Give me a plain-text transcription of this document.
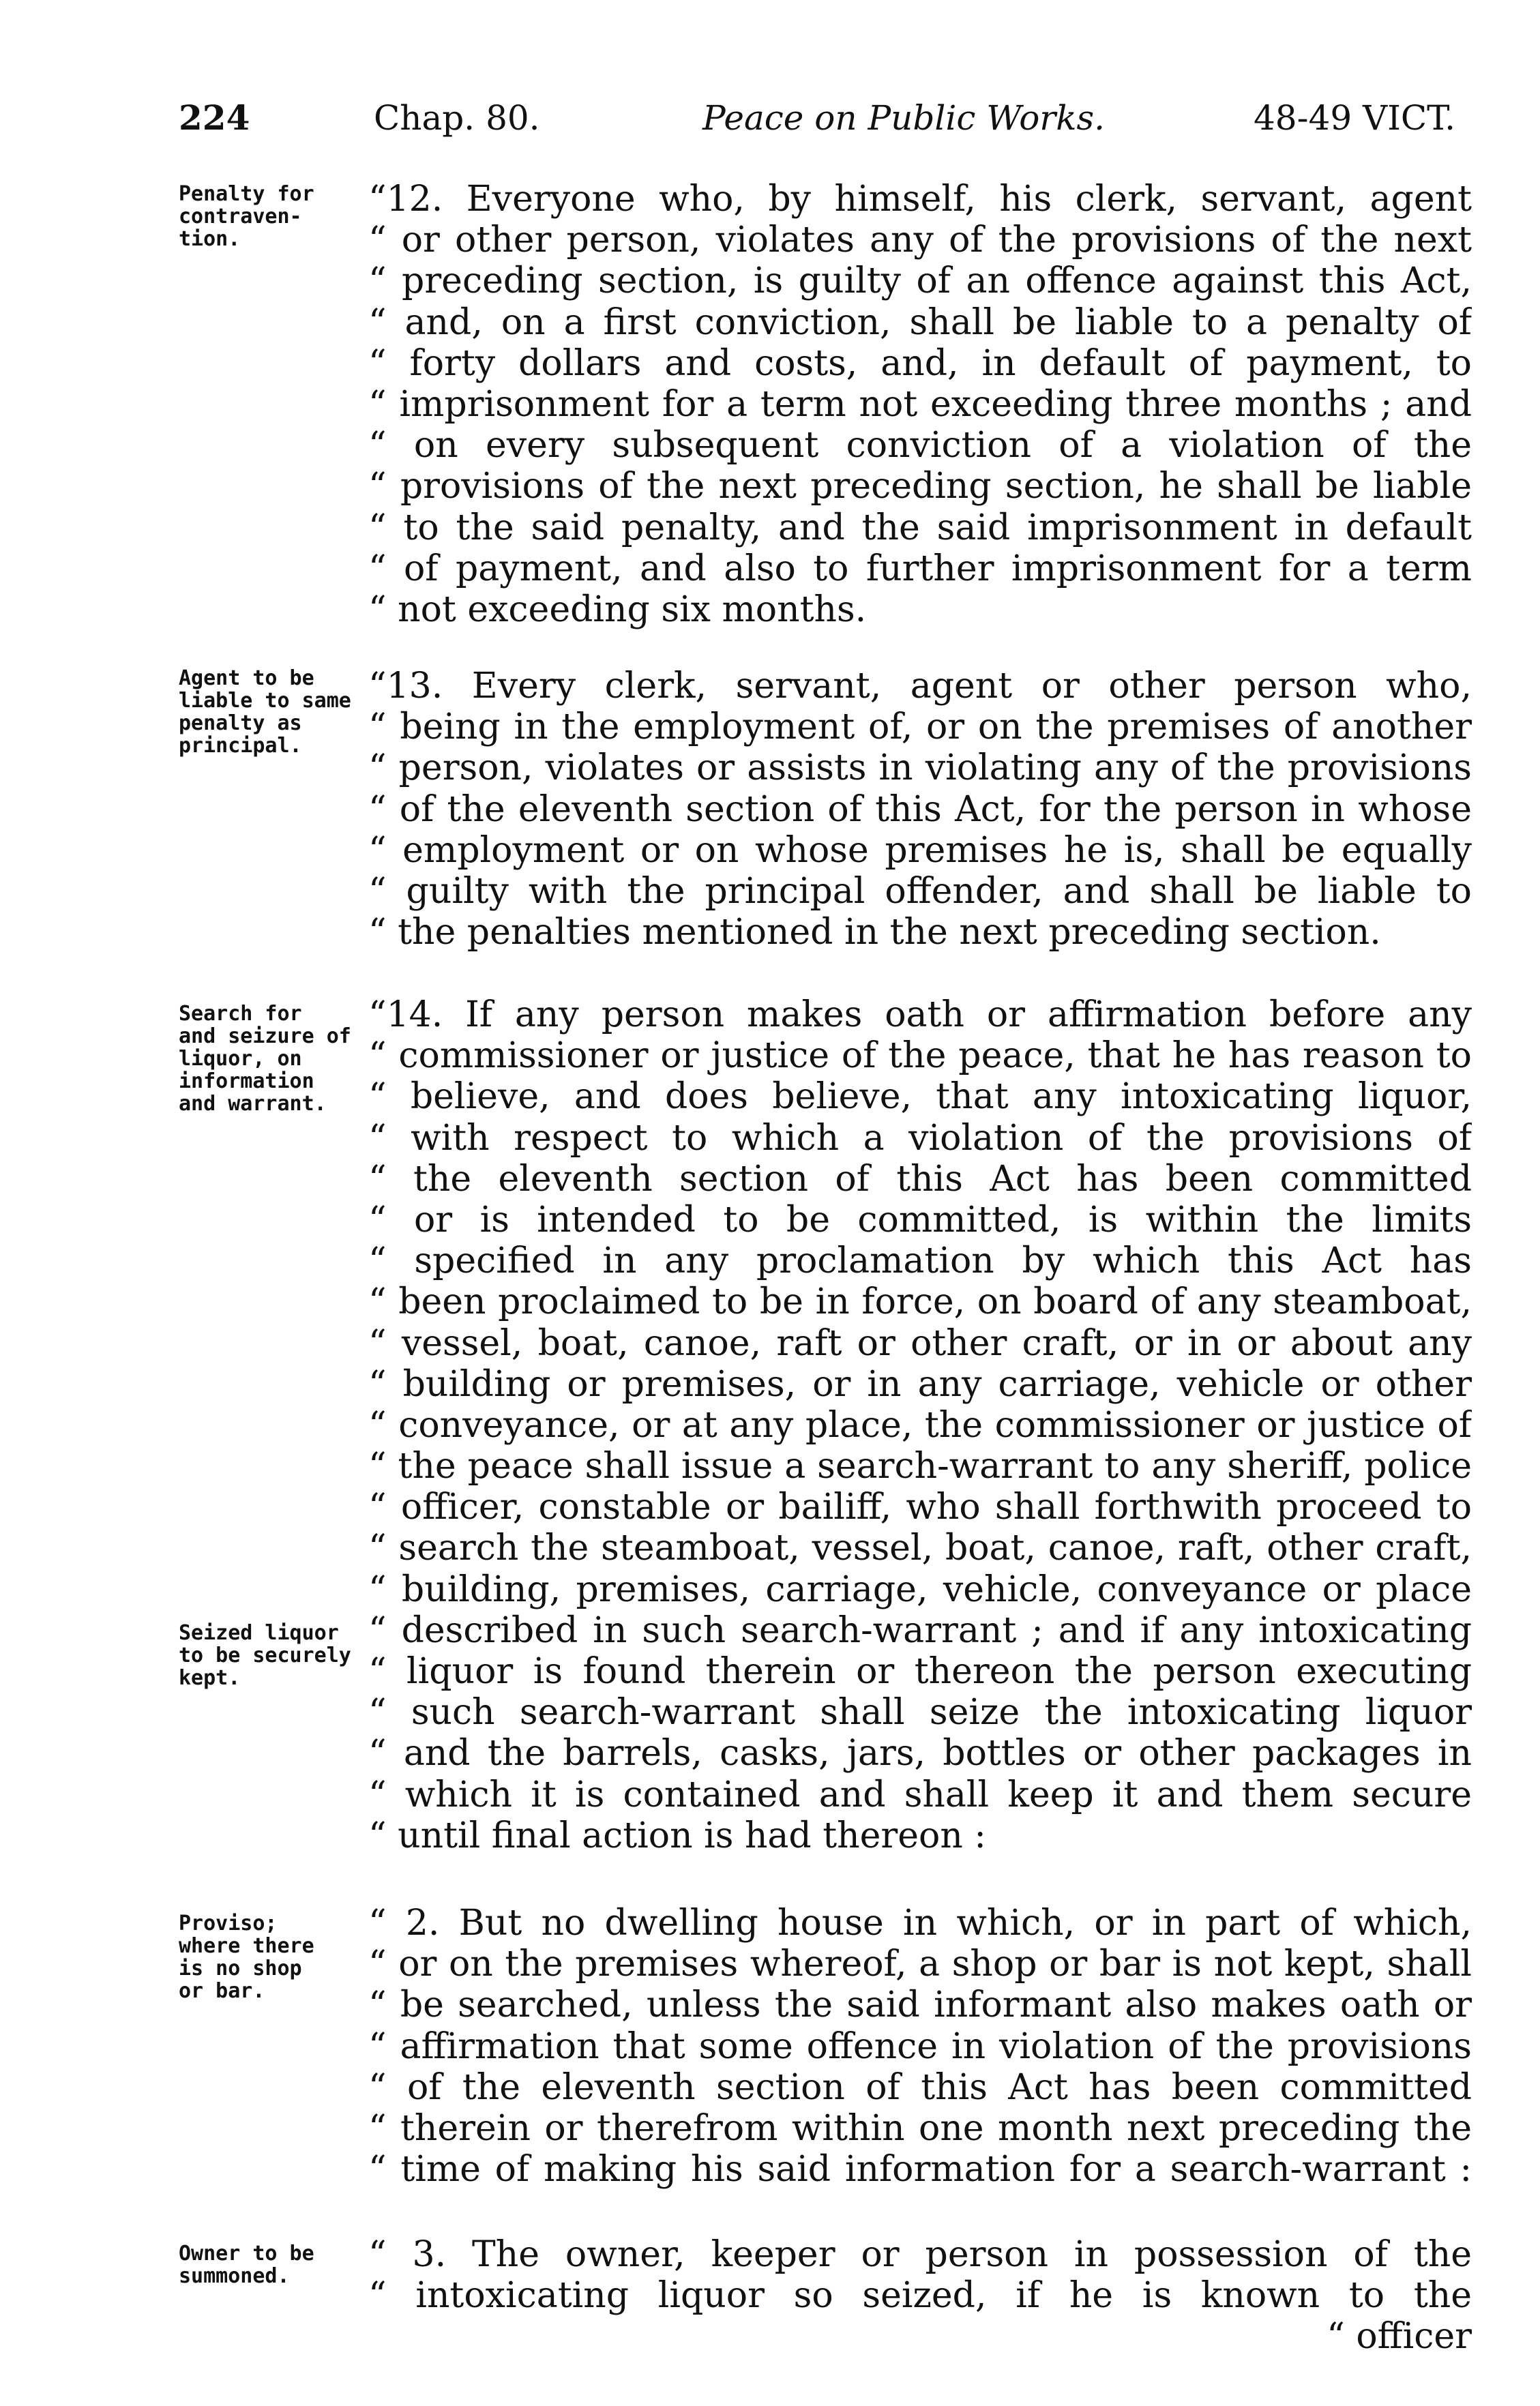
224	Chap. 80.	Peace on Public Works.	48-49 VICT.
Penalty for
contraven-
tion.
Agent to be
liable to same
penalty as
principal.
Search for
and seizure of
liquor, on
information
and warrant.
Seized liquor
to be securely
kept.
Proviso;
where there
is no shop
or bar.
Owner to be
summoned.
“12. Everyone who, by himself, his clerk, servant, agent
“ or other person, violates any of the provisions of the next
“ preceding section, is guilty of an offence against this Act,
“ and, on a first conviction, shall be liable to a penalty of
“ forty dollars and costs, and, in default of payment, to
“ imprisonment for a term not exceeding three months ; and
“ on every subsequent conviction of a violation of the
“ provisions of the next preceding section, he shall be liable
“ to the said penalty, and the said imprisonment in default
“ of payment, and also to further imprisonment for a term
“ not exceeding six months.
“13. Every clerk, servant, agent or other person who,
“ being in the employment of, or on the premises of another
“ person, violates or assists in violating any of the provisions
“ of the eleventh section of this Act, for the person in whose
“ employment or on whose premises he is, shall be equally
“ guilty with the principal offender, and shall be liable to
“ the penalties mentioned in the next preceding section.
“14. If any person makes oath or affirmation before any
“ commissioner or justice of the peace, that he has reason to
“ believe, and does believe, that any intoxicating liquor,
“ with respect to which a violation of the provisions of
“ the eleventh section of this Act has been committed
“ or is intended to be committed, is within the limits
“ specified in any proclamation by which this Act has
“ been proclaimed to be in force, on board of any steamboat,
“ vessel, boat, canoe, raft or other craft, or in or about any
“ building or premises, or in any carriage, vehicle or other
“ conveyance, or at any place, the commissioner or justice of
“ the peace shall issue a search-warrant to any sheriff, police
“ officer, constable or bailiff, who shall forthwith proceed to
“ search the steamboat, vessel, boat, canoe, raft, other craft,
“ building, premises, carriage, vehicle, conveyance or place
“ described in such search-warrant ; and if any intoxicating
“ liquor is found therein or thereon the person executing
“ such search-warrant shall seize the intoxicating liquor
“ and the barrels, casks, jars, bottles or other packages in
“ which it is contained and shall keep it and them secure
“ until final action is had thereon :
“ 2. But no dwelling house in which, or in part of which,
“ or on the premises whereof, a shop or bar is not kept, shall
“ be searched, unless the said informant also makes oath or
“ affirmation that some offence in violation of the provisions
“ of the eleventh section of this Act has been committed
“ therein or therefrom within one month next preceding the
“ time of making his said information for a search-warrant :
“ 3. The owner, keeper or person in possession of the
“ intoxicating liquor so seized, if he is known to the
“ officer
